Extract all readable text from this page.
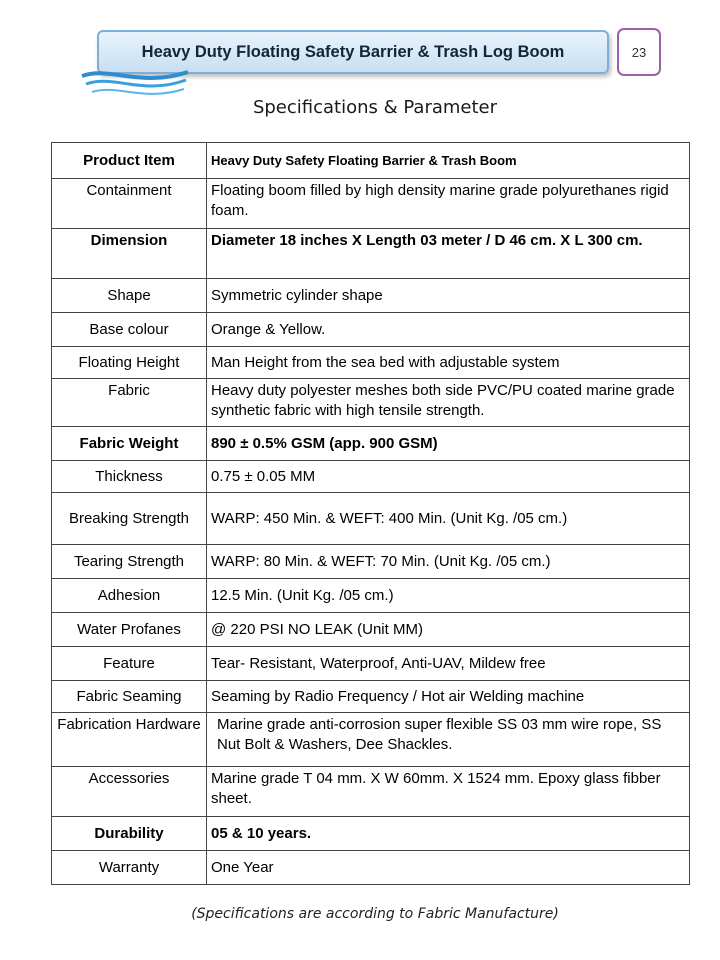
Heavy Duty Floating Safety Barrier & Trash Log Boom	23
Specifications & Parameter
Product Item	Heavy Duty Safety Floating Barrier & Trash Boom
Containment	Floating boom filled by high density marine grade polyurethanes rigid foam.
Dimension	Diameter 18 inches X Length 03 meter / D 46 cm. X L 300 cm.
Shape	Symmetric cylinder shape
Base colour	Orange & Yellow.
Floating Height	Man Height from the sea bed with adjustable system
Fabric	Heavy duty polyester meshes both side PVC/PU coated marine grade synthetic fabric with high tensile strength.
Fabric Weight	890 ± 0.5% GSM (app. 900 GSM)
Thickness	0.75 ± 0.05 MM
Breaking Strength	WARP: 450 Min. & WEFT: 400 Min. (Unit Kg. /05 cm.)
Tearing Strength	WARP: 80 Min. & WEFT: 70 Min. (Unit Kg. /05 cm.)
Adhesion	12.5 Min. (Unit Kg. /05 cm.)
Water Profanes	@ 220 PSI NO LEAK (Unit MM)
Feature	Tear- Resistant, Waterproof, Anti-UAV, Mildew free
Fabric Seaming	Seaming by Radio Frequency / Hot air Welding machine
Fabrication Hardware	Marine grade anti-corrosion super flexible SS 03 mm wire rope, SS Nut Bolt & Washers, Dee Shackles.
Accessories	Marine grade T 04 mm. X W 60mm. X 1524 mm. Epoxy glass fibber sheet.
Durability	05 & 10 years.
Warranty	One Year
(Specifications are according to Fabric Manufacture)
